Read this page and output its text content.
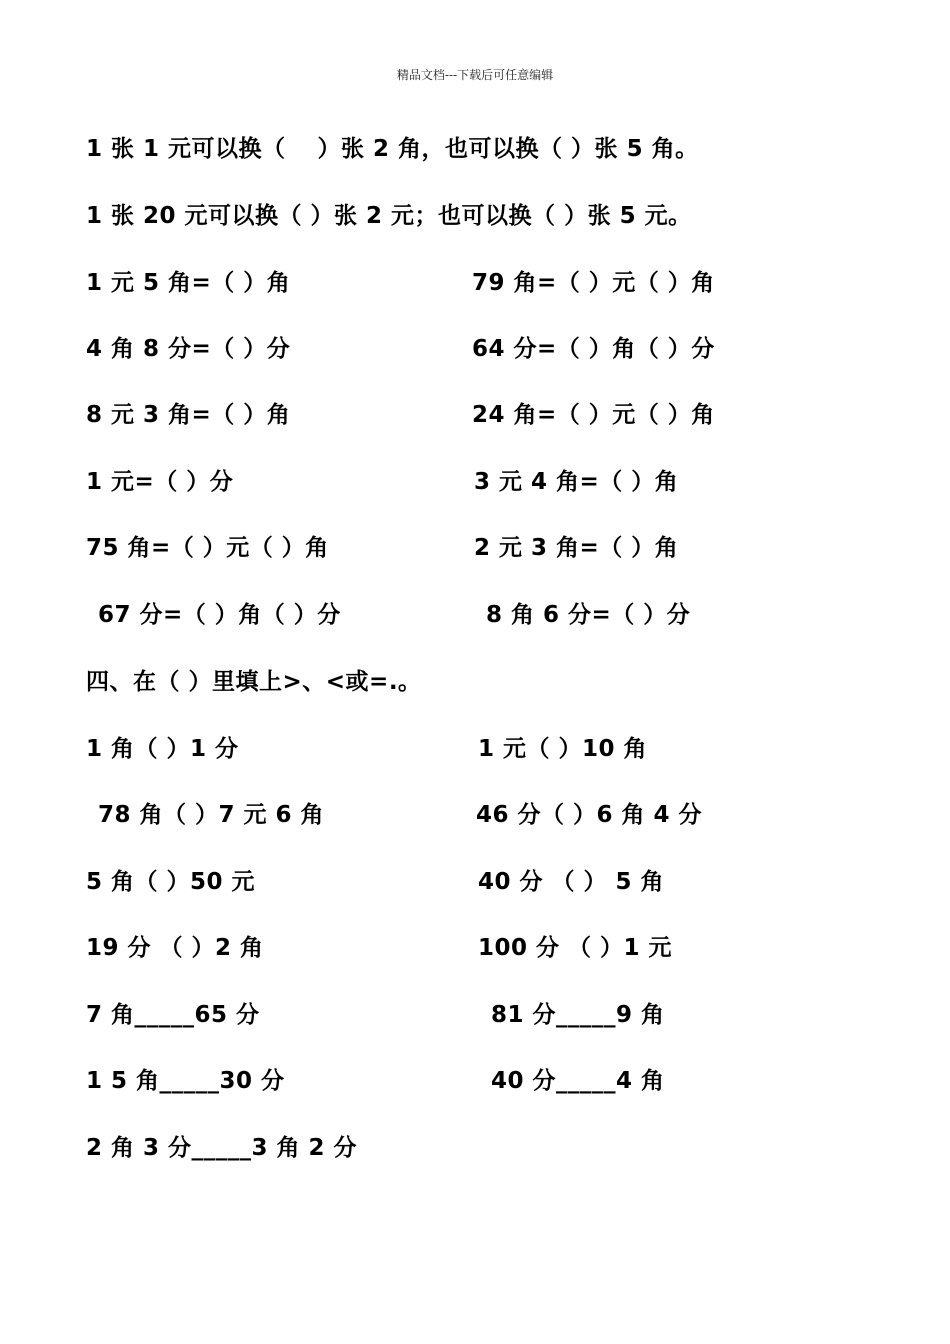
精品文档---下载后可任意编辑
1 张 1 元可以换（　 ）张 2 角，也可以换（ ）张 5 角。
1 张 20 元可以换（ ）张 2 元；也可以换（ ）张 5 元。
1 元 5 角=（ ）角	79 角=（ ）元（ ）角
4 角 8 分=（ ）分	64 分=（ ）角（ ）分
8 元 3 角=（ ）角	24 角=（ ）元（ ）角
1 元=（ ）分	3 元 4 角=（ ）角
75 角=（ ）元（ ）角	2 元 3 角=（ ）角
67 分=（ ）角（ ）分	8 角 6 分=（ ）分
四、在（ ）里填上>、<或=.。
1 角（ ）1 分	1 元（ ）10 角
78 角（ ）7 元 6 角	46 分（ ）6 角 4 分
5 角（ ）50 元	40 分 （ ） 5 角
19 分 （ ）2 角	100 分 （ ）1 元
7 角_____65 分	81 分_____9 角
1 5 角_____30 分	40 分_____4 角
2 角 3 分_____3 角 2 分
